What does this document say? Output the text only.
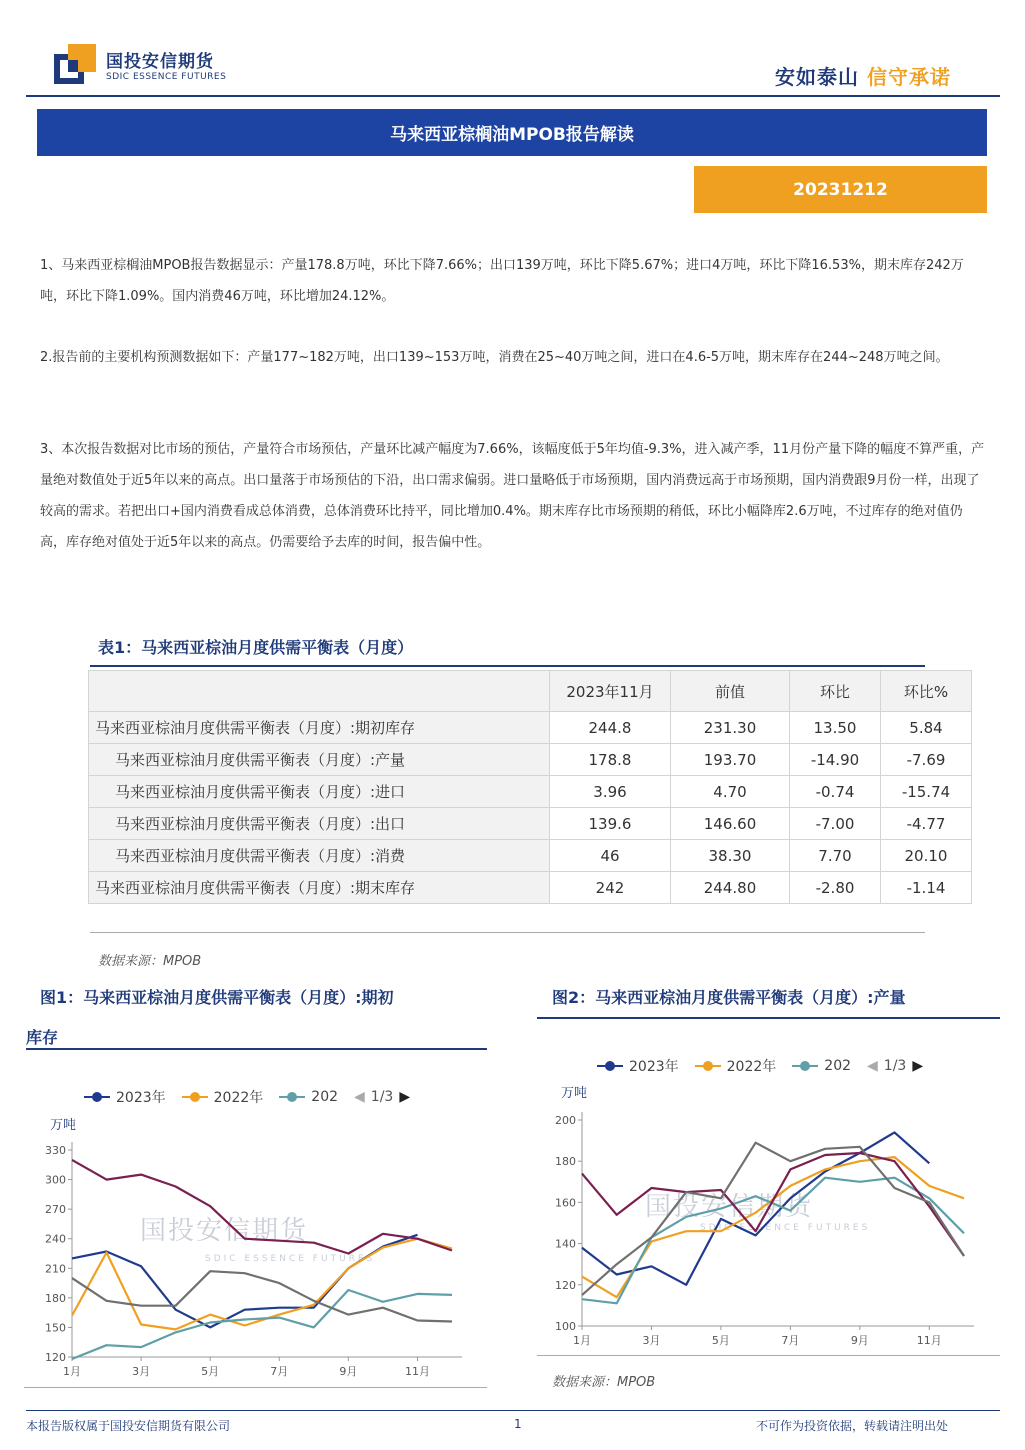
国投安信期货
SDIC ESSENCE FUTURES	安如泰山 信守承诺
马来西亚棕榈油MPOB报告解读
20231212

1、马来西亚棕榈油MPOB报告数据显示：产量178.8万吨，环比下降7.66%；出口139万吨，环比下降5.67%；进口4万吨，环比下降16.53%，期末库存242万吨，环比下降1.09%。国内消费46万吨，环比增加24.12%。

2.报告前的主要机构预测数据如下：产量177~182万吨，出口139~153万吨，消费在25~40万吨之间，进口在4.6-5万吨，期末库存在244~248万吨之间。

3、本次报告数据对比市场的预估，产量符合市场预估，产量环比减产幅度为7.66%，该幅度低于5年均值-9.3%，进入减产季，11月份产量下降的幅度不算严重，产量绝对数值处于近5年以来的高点。出口量落于市场预估的下沿，出口需求偏弱。进口量略低于市场预期，国内消费远高于市场预期，国内消费跟9月份一样，出现了较高的需求。若把出口+国内消费看成总体消费，总体消费环比持平，同比增加0.4%。期末库存比市场预期的稍低，环比小幅降库2.6万吨，不过库存的绝对值仍高，库存绝对值处于近5年以来的高点。仍需要给予去库的时间，报告偏中性。

表1：马来西亚棕油月度供需平衡表（月度）
	2023年11月	前值	环比	环比%
马来西亚棕油月度供需平衡表（月度）:期初库存	244.8	231.30	13.50	5.84
马来西亚棕油月度供需平衡表（月度）:产量	178.8	193.70	-14.90	-7.69
马来西亚棕油月度供需平衡表（月度）:进口	3.96	4.70	-0.74	-15.74
马来西亚棕油月度供需平衡表（月度）:出口	139.6	146.60	-7.00	-4.77
马来西亚棕油月度供需平衡表（月度）:消费	46	38.30	7.70	20.10
马来西亚棕油月度供需平衡表（月度）:期末库存	242	244.80	-2.80	-1.14
数据来源：MPOB
图1：马来西亚棕油月度供需平衡表（月度）:期初
库存
2023年	2022年	202 ◀ 1/3 ▶
万吨
国投安信期货
SDIC ESSENCE FUTURES
120
150
180
210
240
270
300
330
1月	3月	5月	7月	9月	11月
图2：马来西亚棕油月度供需平衡表（月度）:产量
2023年	2022年	202 ◀ 1/3 ▶
万吨
国投安信期货
SDIC ESSENCE FUTURES
100
120
140
160
180
200
1月	3月	5月	7月	9月	11月
数据来源：MPOB
本报告版权属于国投安信期货有限公司	1	不可作为投资依据，转载请注明出处
